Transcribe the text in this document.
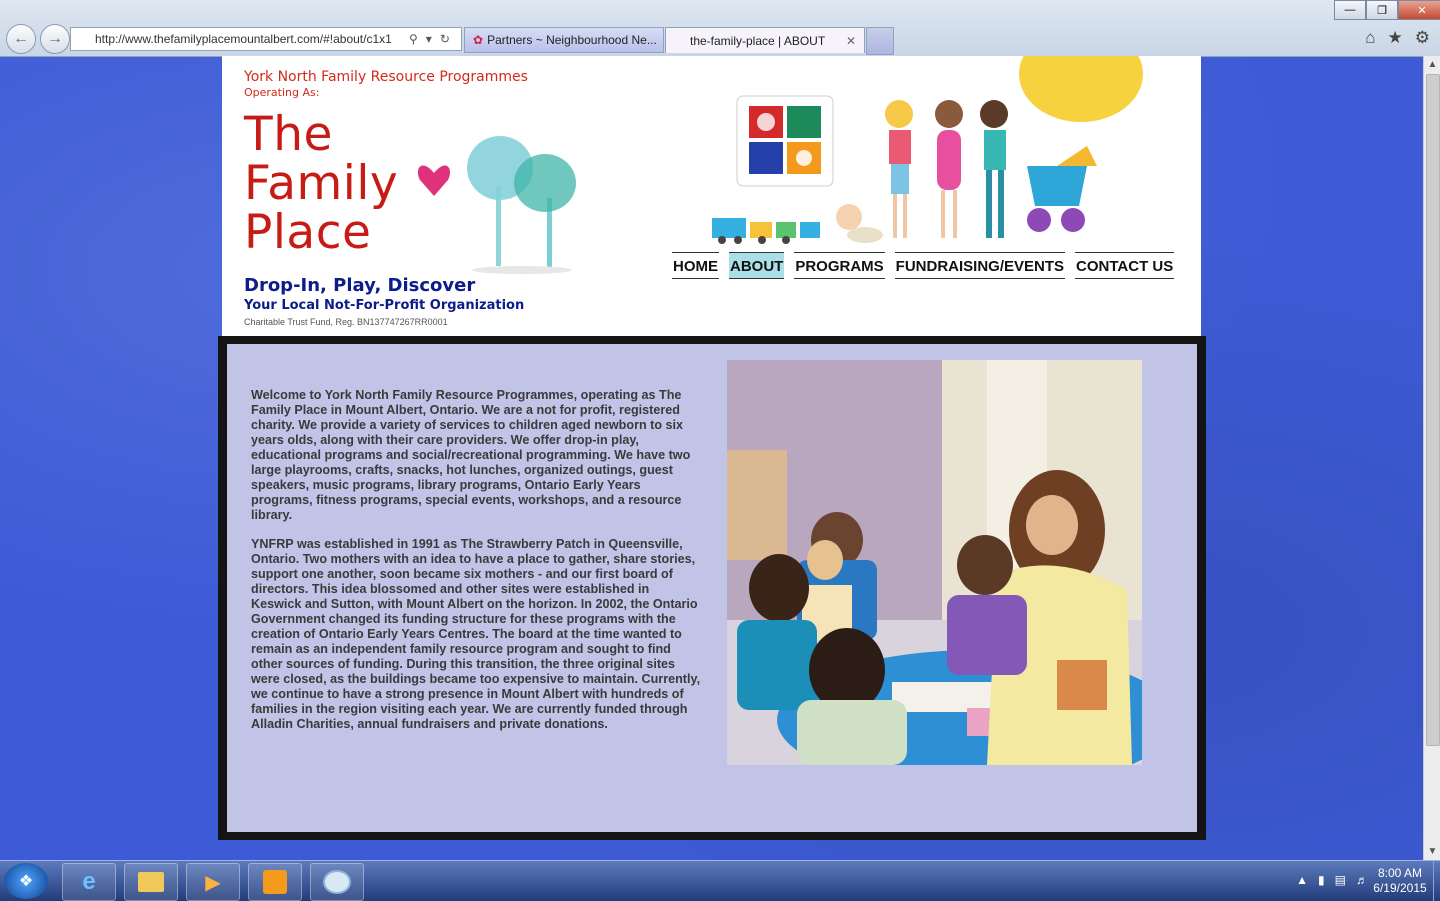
—	❐	✕
← →	http://www.thefamilyplacemountalbert.com/#!about/c1x1	⚲ ▾ ↻ ✿ Partners ~ Neighbourhood Ne...	the-family-place | ABOUT ✕	⌂ ★ ⚙
▲
▼
York North Family Resource Programmes
Operating As:
The
Family
Place
HOME ABOUT PROGRAMS FUNDRAISING/EVENTS CONTACT US
Drop-In, Play, Discover
Your Local Not-For-Profit Organization
Charitable Trust Fund, Reg. BN137747267RR0001

Welcome to York North Family Resource Programmes, operating as The Family Place in Mount Albert, Ontario. We are a not for profit, registered charity. We provide a variety of services to children aged newborn to six years olds, along with their care providers. We offer drop-in play, educational programs and social/recreational programming. We have two large playrooms, crafts, snacks, hot lunches, organized outings, guest speakers, music programs, library programs, Ontario Early Years programs, fitness programs, special events, workshops, and a resource library.

YNFRP was established in 1991 as The Strawberry Patch in Queensville, Ontario. Two mothers with an idea to have a place to gather, share stories, support one another, soon became six mothers - and our first board of directors. This idea blossomed and other sites were established in Keswick and Sutton, with Mount Albert on the horizon. In 2002, the Ontario Government changed its funding structure for these programs with the creation of Ontario Early Years Centres. The board at the time wanted to remain as an independent family resource program and sought to find other sources of funding. During this transition, the three original sites were closed, as the buildings became too expensive to maintain. Currently, we continue to have a strong presence in Mount Albert with hundreds of families in the region visiting each year. We are currently funded through Alladin Charities, annual fundraisers and private donations.

❖ e	▶	▲ ▮ ▤ ♬ 8:00 AM
6/19/2015
